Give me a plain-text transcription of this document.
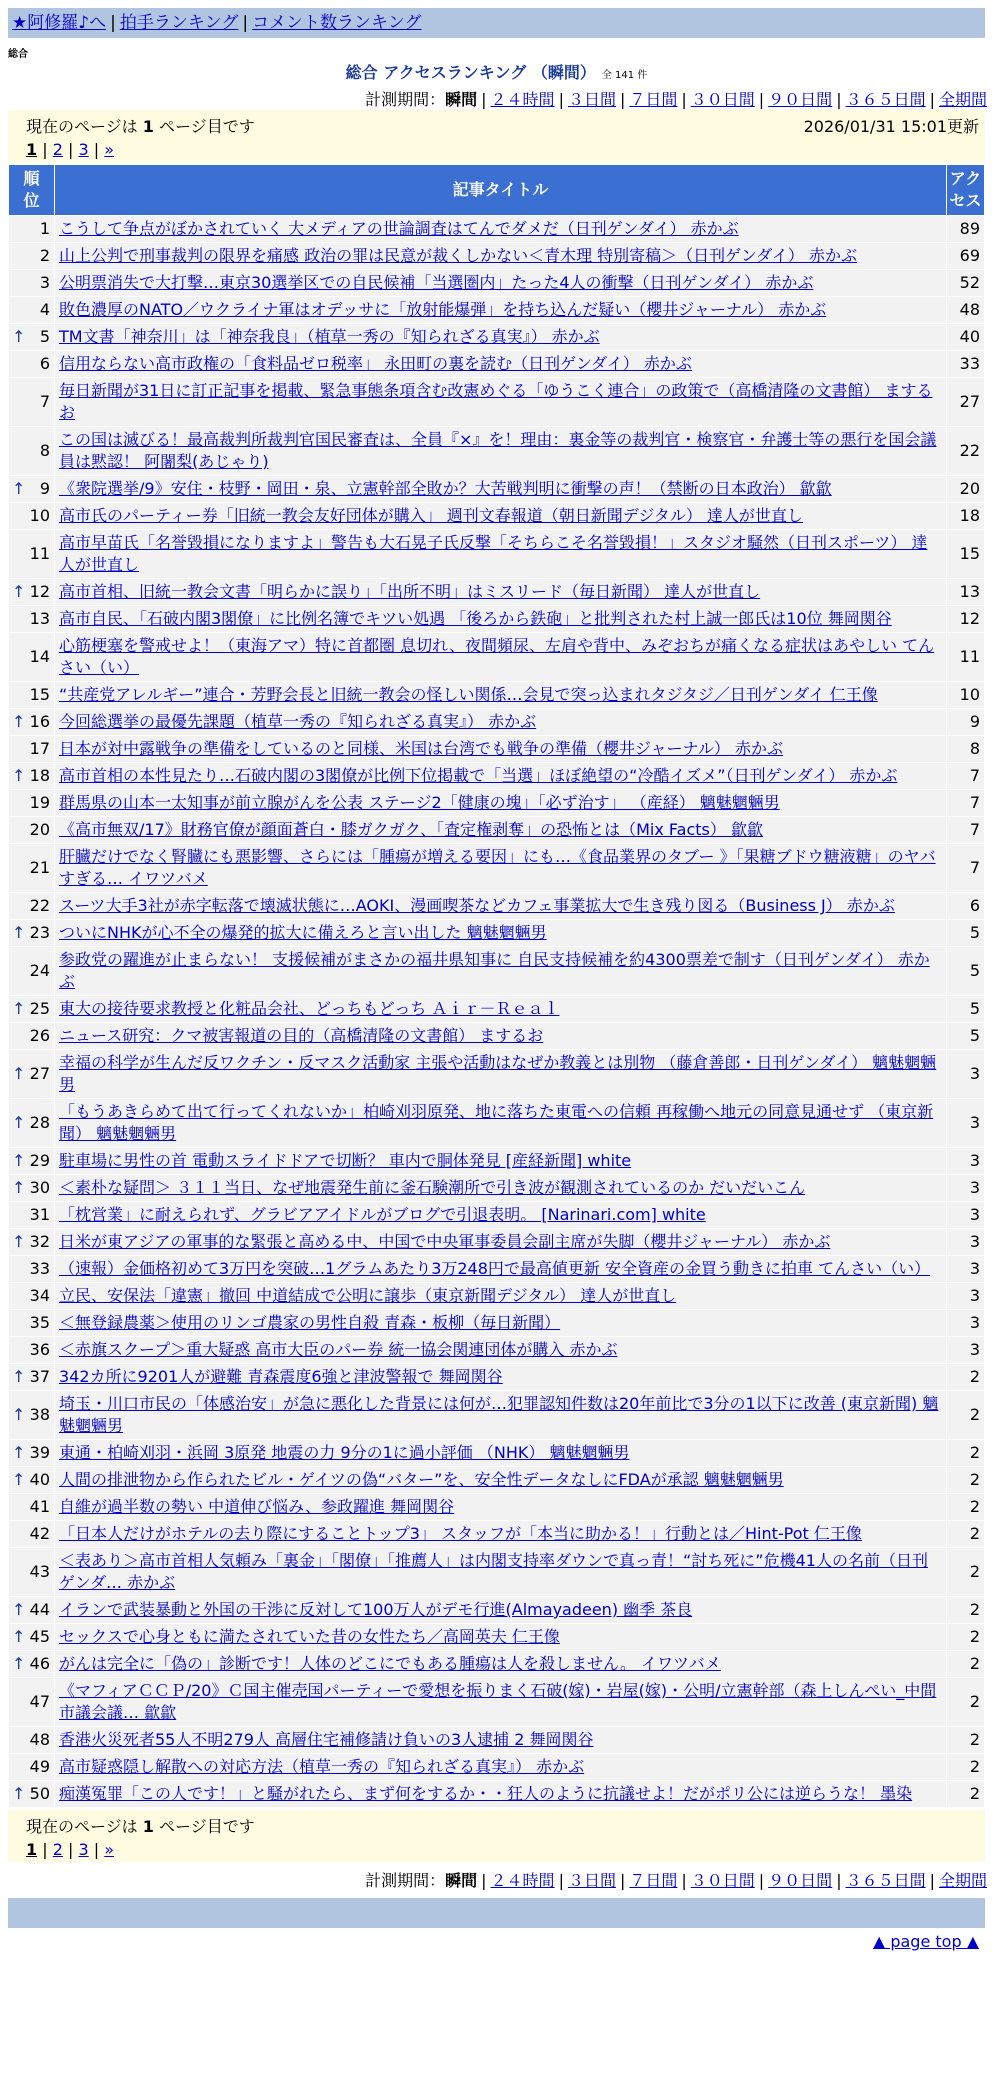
★阿修羅♪へ | 拍手ランキング | コメント数ランキング
総合
総合 アクセスランキング （瞬間） 全 141 件
計測期間：瞬間 | ２４時間 | ３日間 | ７日間 | ３０日間 | ９０日間 | ３６５日間 | 全期間
現在のページは 1 ページ目です	2026/01/31 15:01更新
1 | 2 | 3 | »
順
位	記事タイトル	アク
セス
1	こうして争点がぼかされていく 大メディアの世論調査はてんでダメだ（日刊ゲンダイ） 赤かぶ	89
2	山上公判で刑事裁判の限界を痛感 政治の罪は民意が裁くしかない＜青木理 特別寄稿＞（日刊ゲンダイ） 赤かぶ	69
3	公明票消失で大打撃…東京30選挙区での自民候補「当選圏内」たった4人の衝撃（日刊ゲンダイ） 赤かぶ	52
4	敗色濃厚のNATO／ウクライナ軍はオデッサに「放射能爆弾」を持ち込んだ疑い（櫻井ジャーナル） 赤かぶ	48

↑ 5	TM文書「神奈川」は「神奈我良」（植草一秀の『知られざる真実』） 赤かぶ	40
6	信用ならない高市政権の「食料品ゼロ税率」 永田町の裏を読む（日刊ゲンダイ） 赤かぶ	33
7	毎日新聞が31日に訂正記事を掲載、緊急事態条項含む改憲めぐる「ゆうこく連合」の政策で（高橋清隆の文書館） まするお	27
8	この国は滅びる！最高裁判所裁判官国民審査は、全員『×』を！理由：裏金等の裁判官・検察官・弁護士等の悪行を国会議員は黙認！ 阿闍梨(あじゃり)	22

↑ 9	《衆院選挙/9》安住・枝野・岡田・泉、立憲幹部全敗か？大苦戦判明に衝撃の声！（禁断の日本政治） 歙歙	20
10	高市氏のパーティー券「旧統一教会友好団体が購入」 週刊文春報道（朝日新聞デジタル） 達人が世直し	18
11	高市早苗氏「名誉毀損になりますよ」警告も大石晃子氏反撃「そちらこそ名誉毀損！」スタジオ騒然（日刊スポーツ） 達人が世直し	15

↑ 12	高市首相、旧統一教会文書「明らかに誤り」「出所不明」はミスリード（毎日新聞） 達人が世直し	13
13	高市自民、「石破内閣3閣僚」に比例名簿でキツい処遇 「後ろから鉄砲」と批判された村上誠一郎氏は10位 舞岡関谷	12
14	心筋梗塞を警戒せよ！（東海アマ）特に首都圏 息切れ、夜間頻尿、左肩や背中、みぞおちが痛くなる症状はあやしい てんさい（い）	11
15	“共産党アレルギー”連合・芳野会長と旧統一教会の怪しい関係…会見で突っ込まれタジタジ／日刊ゲンダイ 仁王像	10

↑ 16	今回総選挙の最優先課題（植草一秀の『知られざる真実』） 赤かぶ	9
17	日本が対中露戦争の準備をしているのと同様、米国は台湾でも戦争の準備（櫻井ジャーナル） 赤かぶ	8

↑ 18	高市首相の本性見たり…石破内閣の3閣僚が比例下位掲載で「当選」ほぼ絶望の“冷酷イズメ”（日刊ゲンダイ） 赤かぶ	7
19	群馬県の山本一太知事が前立腺がんを公表 ステージ2「健康の塊」「必ず治す」 （産経） 魑魅魍魎男	7
20	《高市無双/17》財務官僚が顔面蒼白・膝ガクガク、「査定権剥奪」の恐怖とは（Mix Facts） 歙歙	7
21	肝臓だけでなく腎臓にも悪影響、さらには「腫瘍が増える要因」にも…《食品業界のタブー 》「果糖ブドウ糖液糖」のヤバすぎる… イワツバメ	7
22	スーツ大手3社が赤字転落で壊滅状態に…AOKI、漫画喫茶などカフェ事業拡大で生き残り図る（Business J） 赤かぶ	6

↑ 23	ついにNHKが心不全の爆発的拡大に備えろと言い出した 魑魅魍魎男	5
24	参政党の躍進が止まらない！ 支援候補がまさかの福井県知事に 自民支持候補を約4300票差で制す（日刊ゲンダイ） 赤かぶ	5

↑ 25	東大の接待要求教授と化粧品会社、どっちもどっち Ａｉｒ－Ｒｅａｌ	5
26	ニュース研究：クマ被害報道の目的（高橋清隆の文書館） まするお	5

↑ 27	幸福の科学が生んだ反ワクチン・反マスク活動家 主張や活動はなぜか教義とは別物 （藤倉善郎・日刊ゲンダイ） 魑魅魍魎男	3

↑ 28	「もうあきらめて出て行ってくれないか」柏崎刈羽原発、地に落ちた東電への信頼 再稼働へ地元の同意見通せず （東京新聞） 魑魅魍魎男	3

↑ 29	駐車場に男性の首 電動スライドドアで切断？ 車内で胴体発見 [産経新聞] white	3

↑ 30	＜素朴な疑問＞ ３１１当日、なぜ地震発生前に釜石験潮所で引き波が観測されているのか だいだいこん	3
31	「枕営業」に耐えられず、グラビアアイドルがブログで引退表明。 [Narinari.com] white	3

↑ 32	日米が東アジアの軍事的な緊張と高める中、中国で中央軍事委員会副主席が失脚（櫻井ジャーナル） 赤かぶ	3
33	（速報）金価格初めて3万円を突破…1グラムあたり3万248円で最高値更新 安全資産の金買う動きに拍車 てんさい（い）	3
34	立民、安保法「違憲」撤回 中道結成で公明に譲歩（東京新聞デジタル） 達人が世直し	3
35	＜無登録農薬＞使用のリンゴ農家の男性自殺 青森・板柳（毎日新聞）	3
36	＜赤旗スクープ＞重大疑惑 高市大臣のパー券 統一協会関連団体が購入 赤かぶ	3

↑ 37	342カ所に9201人が避難 青森震度6強と津波警報で 舞岡関谷	2

↑ 38	埼玉・川口市民の「体感治安」が急に悪化した背景には何が…犯罪認知件数は20年前比で3分の1以下に改善 (東京新聞) 魑魅魍魎男	2

↑ 39	東通・柏崎刈羽・浜岡 3原発 地震の力 9分の1に過小評価 （NHK） 魑魅魍魎男	2

↑ 40	人間の排泄物から作られたビル・ゲイツの偽“バター”を、安全性データなしにFDAが承認 魑魅魍魎男	2
41	自維が過半数の勢い 中道伸び悩み、参政躍進 舞岡関谷	2
42	「日本人だけがホテルの去り際にすることトップ3」 スタッフが「本当に助かる！」行動とは／Hint-Pot 仁王像	2
43	＜表あり＞高市首相人気頼み「裏金」「閣僚」「推薦人」は内閣支持率ダウンで真っ青！“討ち死に”危機41人の名前（日刊ゲンダ… 赤かぶ	2

↑ 44	イランで武装暴動と外国の干渉に反対して100万人がデモ行進(Almayadeen) 幽季 茶良	2

↑ 45	セックスで心身ともに満たされていた昔の女性たち／高岡英夫 仁王像	2

↑ 46	がんは完全に「偽の」診断です！人体のどこにでもある腫瘍は人を殺しません。 イワツバメ	2
47	《マフィアＣＣＰ/20》Ｃ国主催売国パーティーで愛想を振りまく石破(嫁)・岩屋(嫁)・公明/立憲幹部（森上しんぺい_中間市議会議… 歙歙	2
48	香港火災死者55人不明279人 高層住宅補修請け負いの3人逮捕 2 舞岡関谷	2
49	高市疑惑隠し解散への対応方法（植草一秀の『知られざる真実』） 赤かぶ	2

↑ 50	痴漢冤罪「この人です！」と騒がれたら、まず何をするか・・狂人のように抗議せよ！だがポリ公には逆らうな！ 墨染	2
現在のページは 1 ページ目です
1 | 2 | 3 | »
計測期間：瞬間 | ２４時間 | ３日間 | ７日間 | ３０日間 | ９０日間 | ３６５日間 | 全期間
▲ page top ▲
